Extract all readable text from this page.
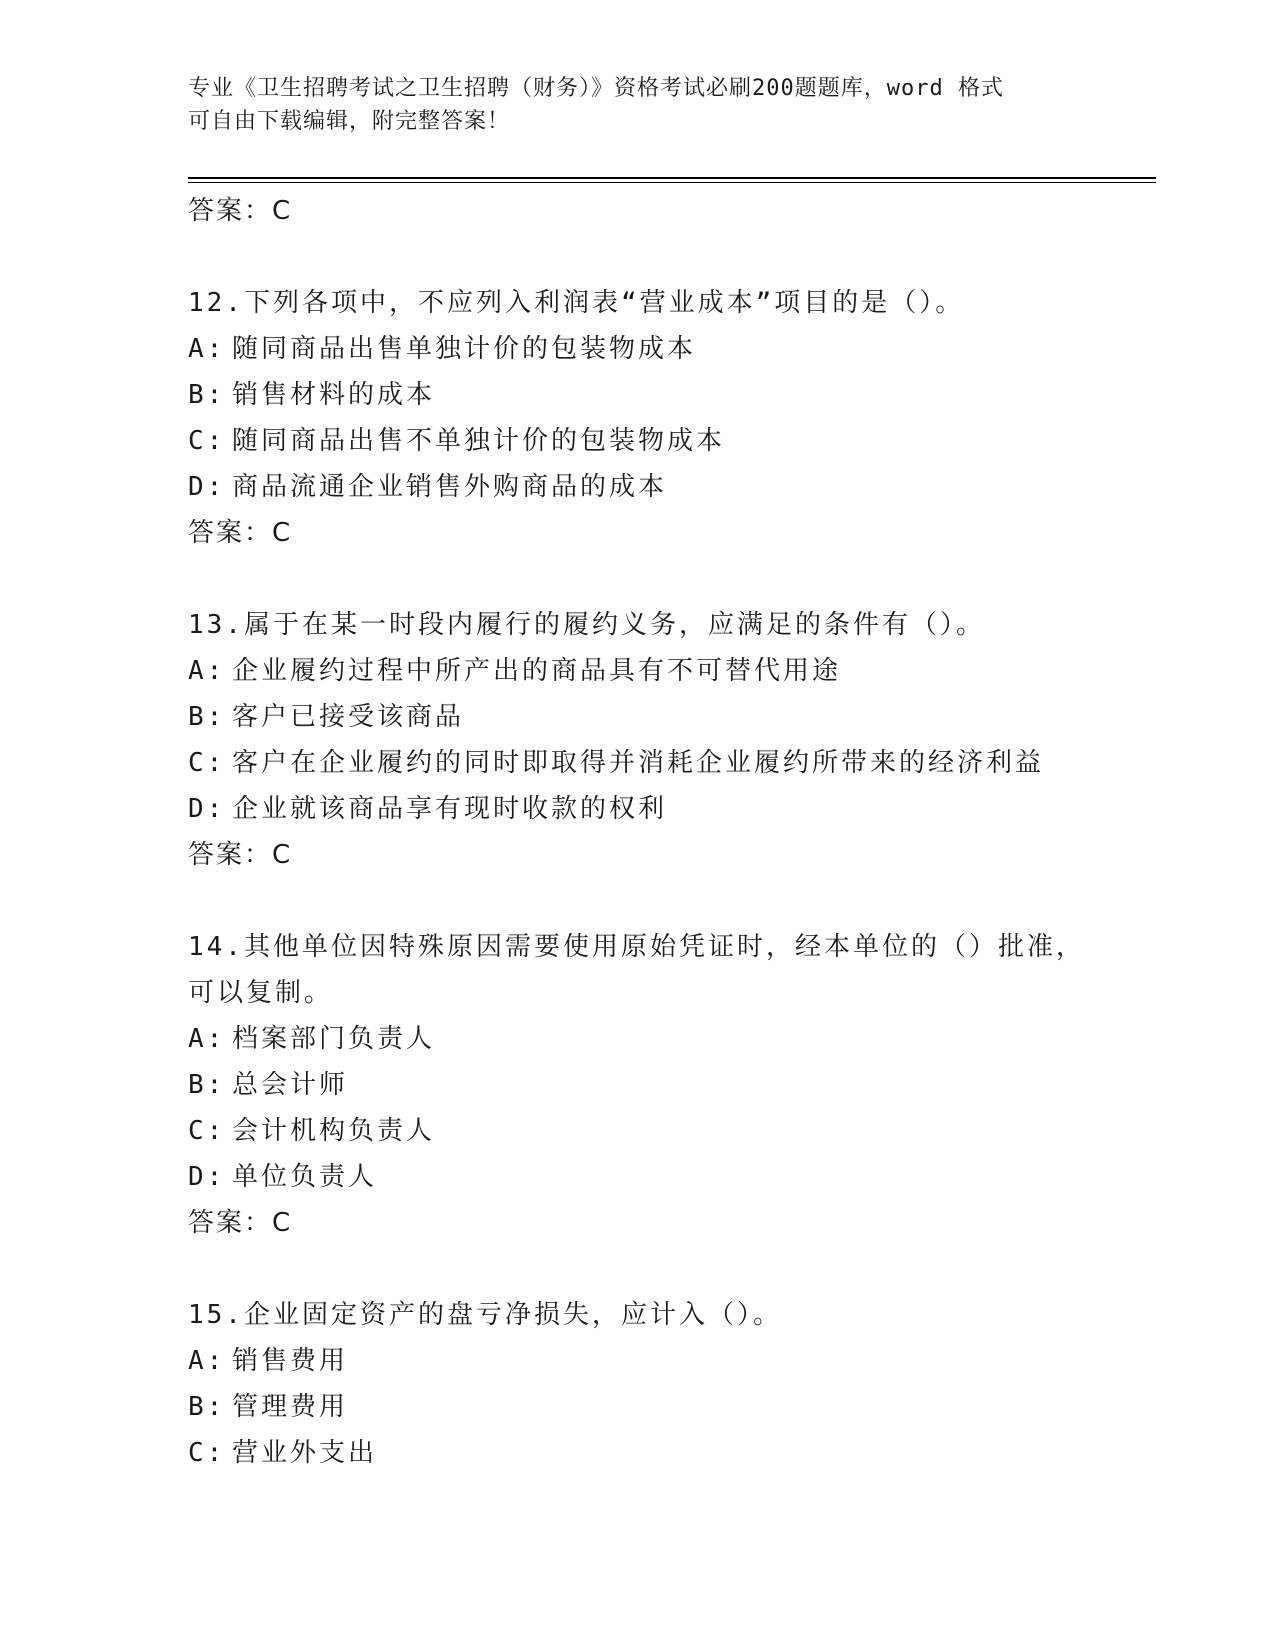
专业《卫生招聘考试之卫生招聘（财务）》资格考试必刷200题题库，word 格式

可自由下载编辑，附完整答案！

答案：C
12.下列各项中，不应列入利润表“营业成本”项目的是（）。
A: 随同商品出售单独计价的包装物成本
B: 销售材料的成本
C: 随同商品出售不单独计价的包装物成本
D: 商品流通企业销售外购商品的成本
答案：C
13.属于在某一时段内履行的履约义务，应满足的条件有（）。
A: 企业履约过程中所产出的商品具有不可替代用途
B: 客户已接受该商品
C: 客户在企业履约的同时即取得并消耗企业履约所带来的经济利益
D: 企业就该商品享有现时收款的权利
答案：C
14.其他单位因特殊原因需要使用原始凭证时，经本单位的（）批准，
可以复制。
A: 档案部门负责人
B: 总会计师
C: 会计机构负责人
D: 单位负责人
答案：C
15.企业固定资产的盘亏净损失，应计入（）。
A: 销售费用
B: 管理费用
C: 营业外支出
